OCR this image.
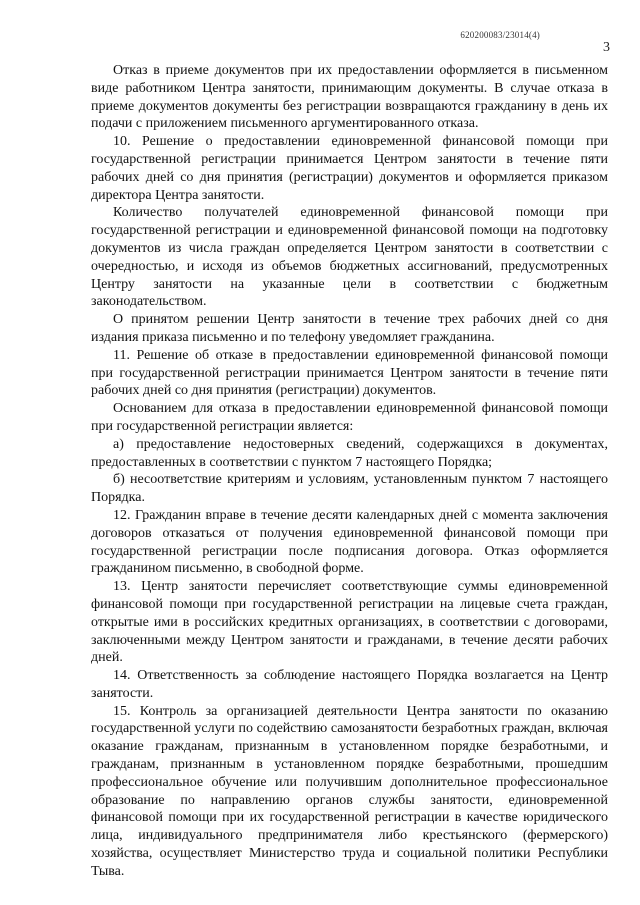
620200083/23014(4)
3

Отказ в приеме документов при их предоставлении оформляется в письменном виде работником Центра занятости, принимающим документы. В случае отказа в приеме документов документы без регистрации возвращаются гражданину в день их подачи с приложением письменного аргументированного отказа.

10. Решение о предоставлении единовременной финансовой помощи при государственной регистрации принимается Центром занятости в течение пяти рабочих дней со дня принятия (регистрации) документов и оформляется приказом директора Центра занятости.

Количество получателей единовременной финансовой помощи при государственной регистрации и единовременной финансовой помощи на подготовку документов из числа граждан определяется Центром занятости в соответствии с очередностью, и исходя из объемов бюджетных ассигнований, предусмотренных Центру занятости на указанные цели в соответствии с бюджетным законодательством.

О принятом решении Центр занятости в течение трех рабочих дней со дня издания приказа письменно и по телефону уведомляет гражданина.

11. Решение об отказе в предоставлении единовременной финансовой помощи при государственной регистрации принимается Центром занятости в течение пяти рабочих дней со дня принятия (регистрации) документов.

Основанием для отказа в предоставлении единовременной финансовой помощи при государственной регистрации является:

а) предоставление недостоверных сведений, содержащихся в документах, предоставленных в соответствии с пунктом 7 настоящего Порядка;

б) несоответствие критериям и условиям, установленным пунктом 7 настоящего Порядка.

12. Гражданин вправе в течение десяти календарных дней с момента заключения договоров отказаться от получения единовременной финансовой помощи при государственной регистрации после подписания договора. Отказ оформляется гражданином письменно, в свободной форме.

13. Центр занятости перечисляет соответствующие суммы единовременной финансовой помощи при государственной регистрации на лицевые счета граждан, открытые ими в российских кредитных организациях, в соответствии с договорами, заключенными между Центром занятости и гражданами, в течение десяти рабочих дней.

14. Ответственность за соблюдение настоящего Порядка возлагается на Центр занятости.

15. Контроль за организацией деятельности Центра занятости по оказанию государственной услуги по содействию самозанятости безработных граждан, включая оказание гражданам, признанным в установленном порядке безработными, и гражданам, признанным в установленном порядке безработными, прошедшим профессиональное обучение или получившим дополнительное профессиональное образование по направлению органов службы занятости, единовременной финансовой помощи при их государственной регистрации в качестве юридического лица, индивидуального предпринимателя либо крестьянского (фермерского) хозяйства, осуществляет Министерство труда и социальной политики Республики Тыва.
